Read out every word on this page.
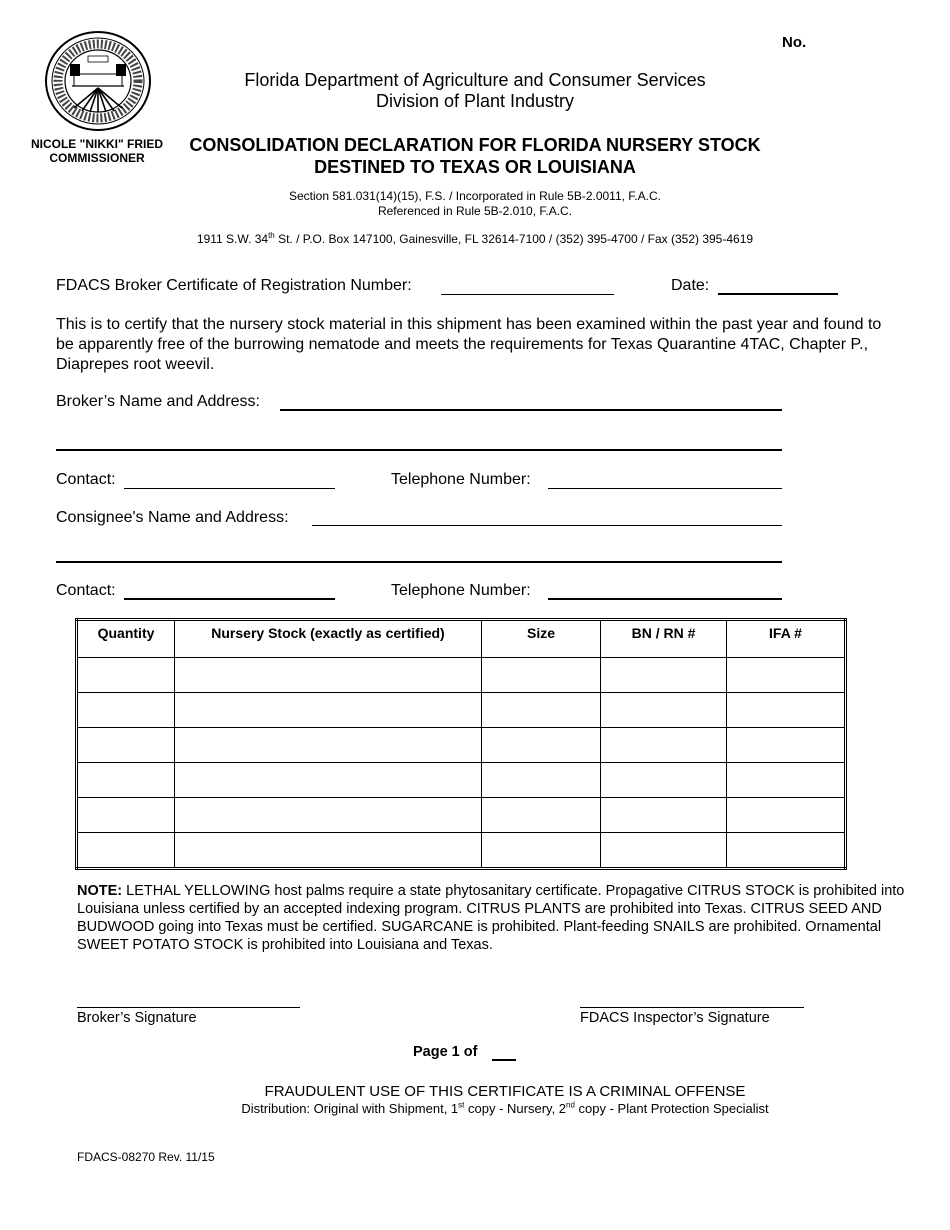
Florida Department of Agriculture and Consumer Services
Division of Plant Industry
No.
NICOLE "NIKKI" FRIED
COMMISSIONER
CONSOLIDATION DECLARATION FOR FLORIDA NURSERY STOCK
DESTINED TO TEXAS OR LOUISIANA
Section 581.031(14)(15), F.S. / Incorporated in Rule 5B-2.0011, F.A.C.
Referenced in Rule 5B-2.010, F.A.C.
1911 S.W. 34th St. / P.O. Box 147100, Gainesville, FL 32614-7100 / (352) 395-4700 / Fax (352) 395-4619
FDACS Broker Certificate of Registration Number:	Date:
This is to certify that the nursery stock material in this shipment has been examined within the past year and found to be apparently free of the burrowing nematode and meets the requirements for Texas Quarantine 4TAC, Chapter P., Diaprepes root weevil.
Broker’s Name and Address:
Contact:	Telephone Number:
Consignee's Name and Address:
Contact:	Telephone Number:
Quantity	Nursery Stock (exactly as certified)	Size	BN / RN #	IFA #

NOTE: LETHAL YELLOWING host palms require a state phytosanitary certificate. Propagative CITRUS STOCK is prohibited into Louisiana unless certified by an accepted indexing program. CITRUS PLANTS are prohibited into Texas. CITRUS SEED AND BUDWOOD going into Texas must be certified. SUGARCANE is prohibited. Plant-feeding SNAILS are prohibited. Ornamental SWEET POTATO STOCK is prohibited into Louisiana and Texas.
Broker’s Signature	FDACS Inspector’s Signature
Page 1 of
FRAUDULENT USE OF THIS CERTIFICATE IS A CRIMINAL OFFENSE
Distribution: Original with Shipment, 1st copy - Nursery, 2nd copy - Plant Protection Specialist
FDACS-08270 Rev. 11/15
